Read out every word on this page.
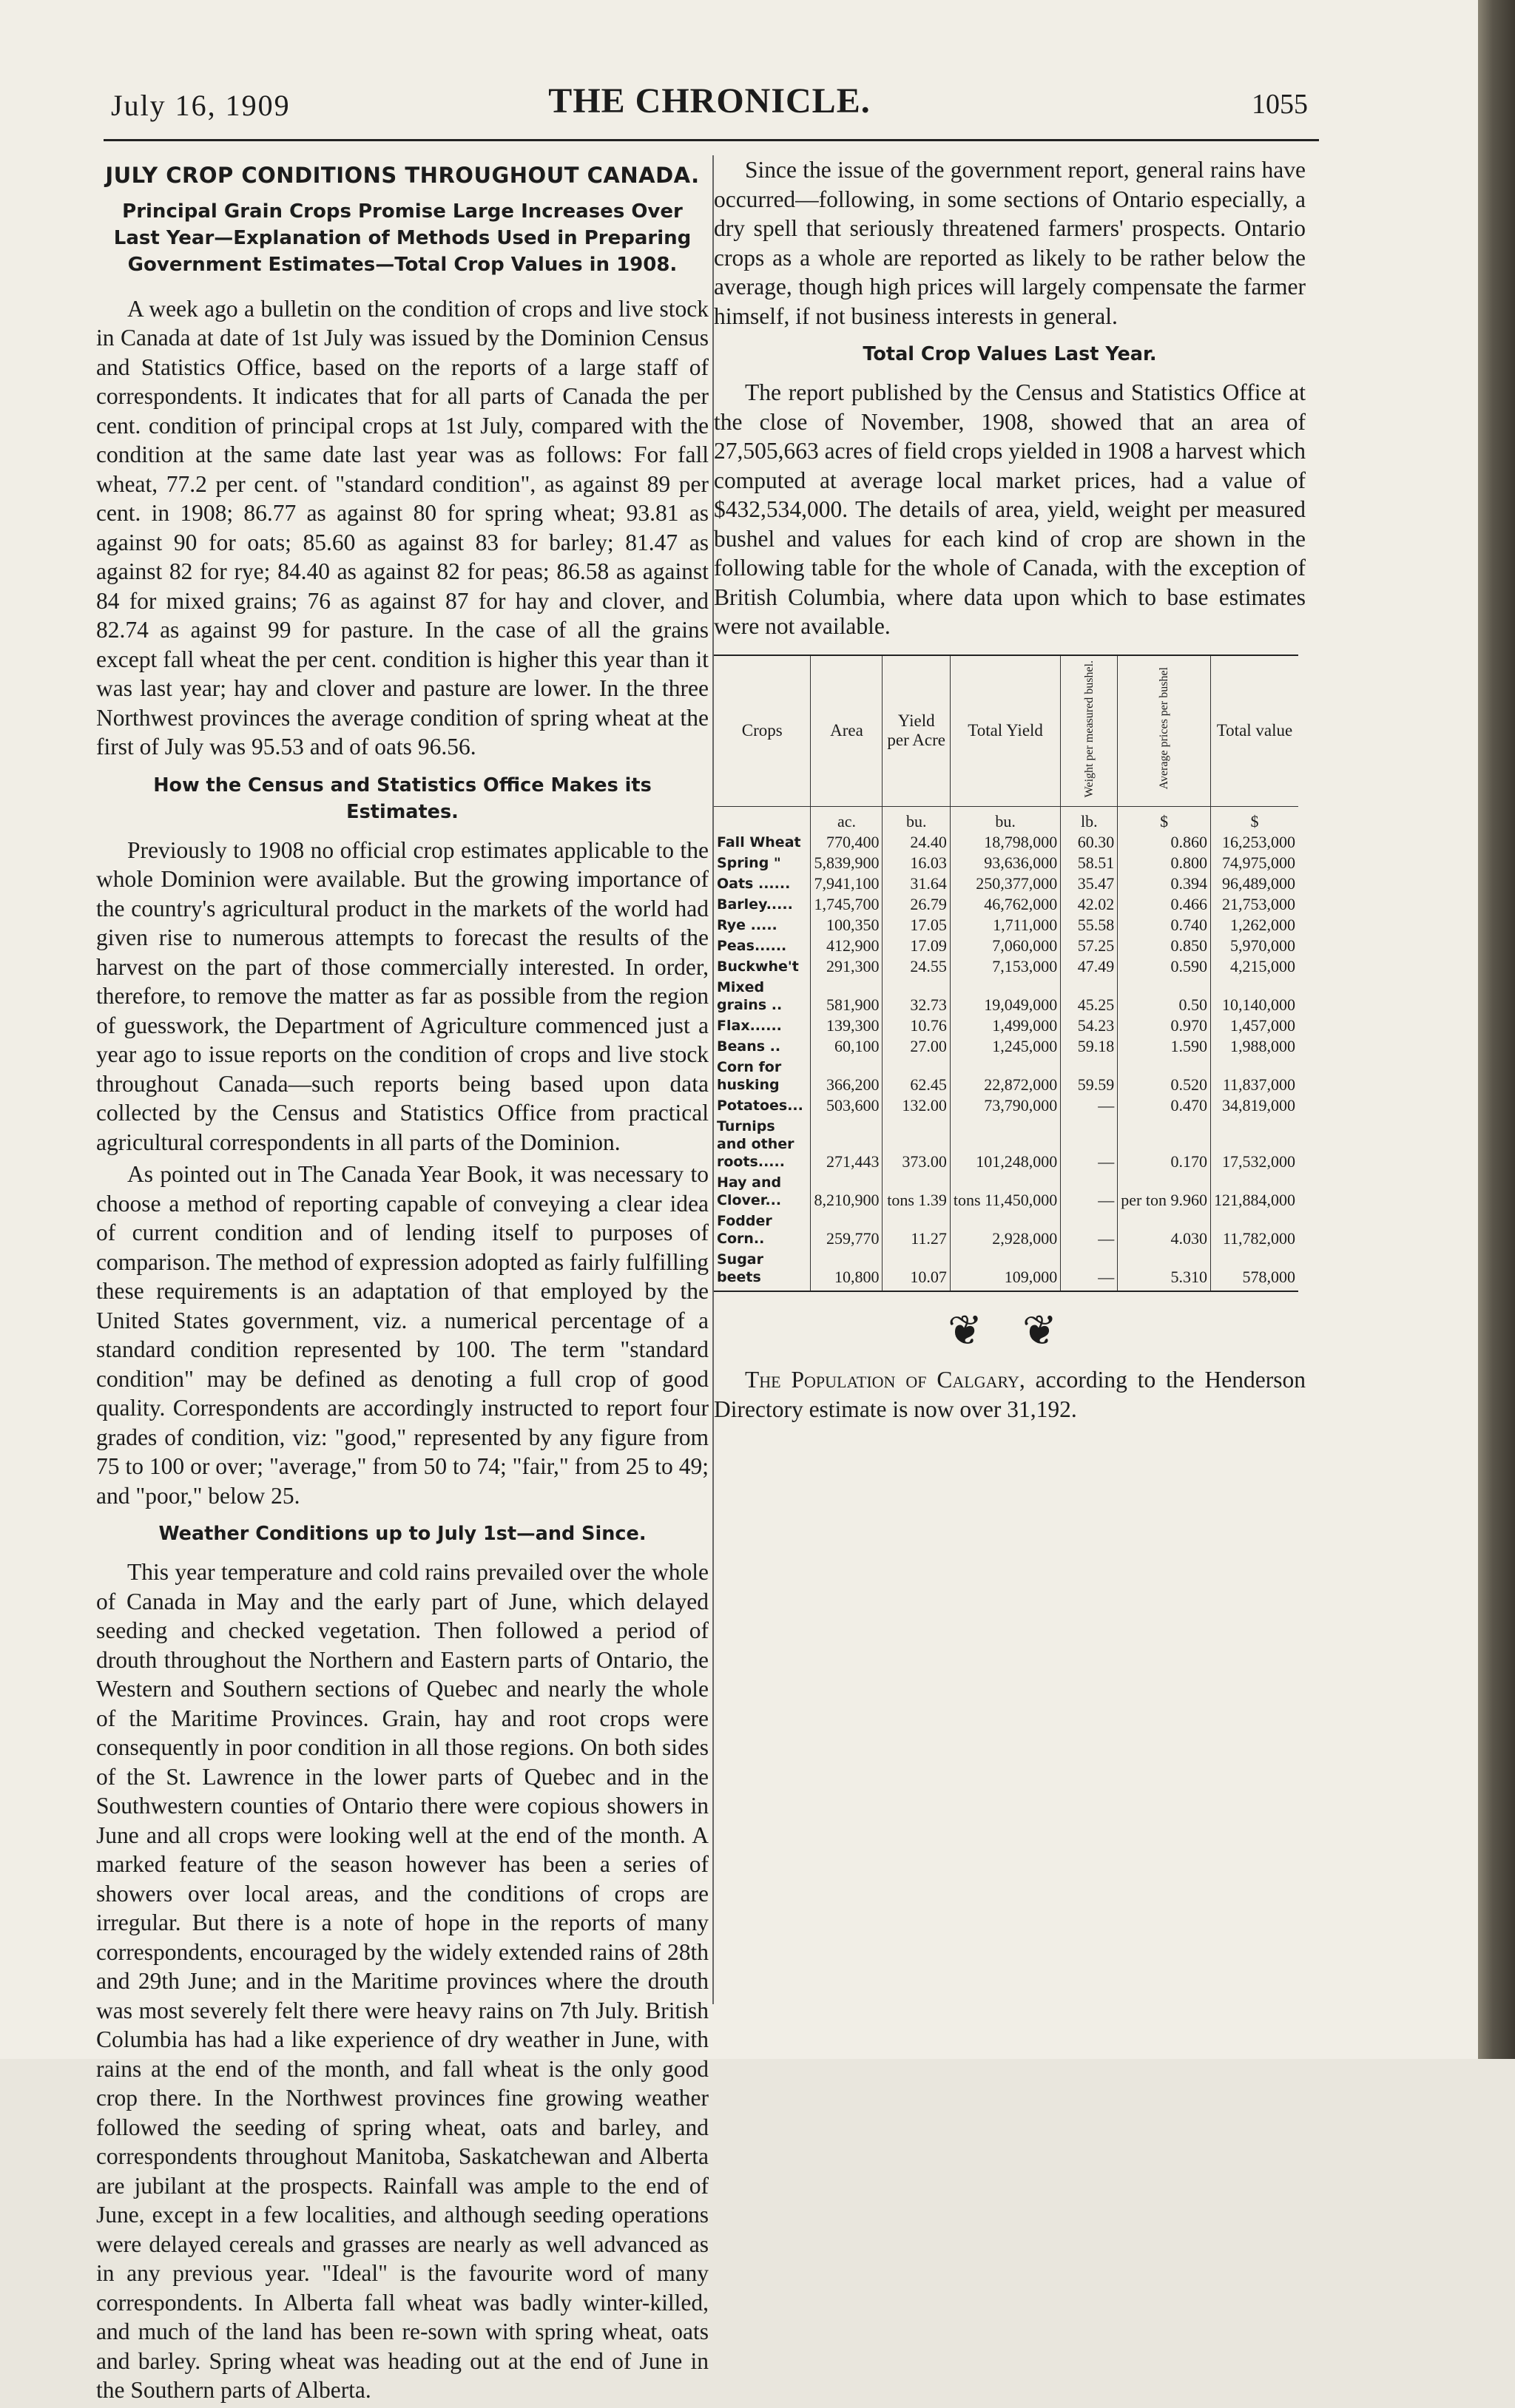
July 16, 1909	THE CHRONICLE.	1055
JULY CROP CONDITIONS THROUGHOUT CANADA.
Principal Grain Crops Promise Large Increases Over Last Year—Explanation of Methods Used in Preparing Government Estimates—Total Crop Values in 1908.

A week ago a bulletin on the condition of crops and live stock in Canada at date of 1st July was issued by the Dominion Census and Statistics Office, based on the reports of a large staff of correspondents. It indicates that for all parts of Canada the per cent. condition of principal crops at 1st July, compared with the condition at the same date last year was as follows: For fall wheat, 77.2 per cent. of "standard condition", as against 89 per cent. in 1908; 86.77 as against 80 for spring wheat; 93.81 as against 90 for oats; 85.60 as against 83 for barley; 81.47 as against 82 for rye; 84.40 as against 82 for peas; 86.58 as against 84 for mixed grains; 76 as against 87 for hay and clover, and 82.74 as against 99 for pasture. In the case of all the grains except fall wheat the per cent. condition is higher this year than it was last year; hay and clover and pasture are lower. In the three Northwest provinces the average condition of spring wheat at the first of July was 95.53 and of oats 96.56.

How the Census and Statistics Office Makes its Estimates.

Previously to 1908 no official crop estimates applicable to the whole Dominion were available. But the growing importance of the country's agricultural product in the markets of the world had given rise to numerous attempts to forecast the results of the harvest on the part of those commercially interested. In order, therefore, to remove the matter as far as possible from the region of guesswork, the Department of Agriculture commenced just a year ago to issue reports on the condition of crops and live stock throughout Canada—such reports being based upon data collected by the Census and Statistics Office from practical agricultural correspondents in all parts of the Dominion.

As pointed out in The Canada Year Book, it was necessary to choose a method of reporting capable of conveying a clear idea of current condition and of lending itself to purposes of comparison. The method of expression adopted as fairly fulfilling these requirements is an adaptation of that employed by the United States government, viz. a numerical percentage of a standard condition represented by 100. The term "standard condition" may be defined as denoting a full crop of good quality. Correspondents are accordingly instructed to report four grades of condition, viz: "good," represented by any figure from 75 to 100 or over; "average," from 50 to 74; "fair," from 25 to 49; and "poor," below 25.

Weather Conditions up to July 1st—and Since.

This year temperature and cold rains prevailed over the whole of Canada in May and the early part of June, which delayed seeding and checked vegetation. Then followed a period of drouth throughout the Northern and Eastern parts of Ontario, the Western and Southern sections of Quebec and nearly the whole of the Maritime Provinces. Grain, hay and root crops were consequently in poor condition in all those regions. On both sides of the St. Lawrence in the lower parts of Quebec and in the Southwestern counties of Ontario there were copious showers in June and all crops were looking well at the end of the month. A marked feature of the season however has been a series of showers over local areas, and the conditions of crops are irregular. But there is a note of hope in the reports of many correspondents, encouraged by the widely extended rains of 28th and 29th June; and in the Maritime provinces where the drouth was most severely felt there were heavy rains on 7th July. British Columbia has had a like experience of dry weather in June, with rains at the end of the month, and fall wheat is the only good crop there. In the Northwest provinces fine growing weather followed the seeding of spring wheat, oats and barley, and correspondents throughout Manitoba, Saskatchewan and Alberta are jubilant at the prospects. Rainfall was ample to the end of June, except in a few localities, and although seeding operations were delayed cereals and grasses are nearly as well advanced as in any previous year. "Ideal" is the favourite word of many correspondents. In Alberta fall wheat was badly winter-killed, and much of the land has been re-sown with spring wheat, oats and barley. Spring wheat was heading out at the end of June in the Southern parts of Alberta.

Since the issue of the government report, general rains have occurred—following, in some sections of Ontario especially, a dry spell that seriously threatened farmers' prospects. Ontario crops as a whole are reported as likely to be rather below the average, though high prices will largely compensate the farmer himself, if not business interests in general.

Total Crop Values Last Year.

The report published by the Census and Statistics Office at the close of November, 1908, showed that an area of 27,505,663 acres of field crops yielded in 1908 a harvest which computed at average local market prices, had a value of $432,534,000. The details of area, yield, weight per measured bushel and values for each kind of crop are shown in the following table for the whole of Canada, with the exception of British Columbia, where data upon which to base estimates were not available.

Crops	Area	Yield per Acre	Total Yield	Weight per measured bushel.	Average prices per bushel	Total value
	ac.	bu.	bu.	lb.	$	$
Fall Wheat	770,400	24.40	18,798,000	60.30	0.860	16,253,000
Spring "	5,839,900	16.03	93,636,000	58.51	0.800	74,975,000
Oats ......	7,941,100	31.64	250,377,000	35.47	0.394	96,489,000
Barley.....	1,745,700	26.79	46,762,000	42.02	0.466	21,753,000
Rye .....	100,350	17.05	1,711,000	55.58	0.740	1,262,000
Peas......	412,900	17.09	7,060,000	57.25	0.850	5,970,000
Buckwhe't	291,300	24.55	7,153,000	47.49	0.590	4,215,000
Mixed grains ..	581,900	32.73	19,049,000	45.25	0.50	10,140,000
Flax......	139,300	10.76	1,499,000	54.23	0.970	1,457,000
Beans ..	60,100	27.00	1,245,000	59.18	1.590	1,988,000
Corn for husking	366,200	62.45	22,872,000	59.59	0.520	11,837,000
Potatoes...	503,600	132.00	73,790,000	—	0.470	34,819,000
Turnips and other roots.....	271,443	373.00	101,248,000	—	0.170	17,532,000
Hay and Clover...	8,210,900	tons 1.39	tons 11,450,000	—	per ton 9.960	121,884,000
Fodder Corn..	259,770	11.27	2,928,000	—	4.030	11,782,000
Sugar beets	10,800	10.07	109,000	—	5.310	578,000
❦ ❦

The Population of Calgary, according to the Henderson Directory estimate is now over 31,192.
